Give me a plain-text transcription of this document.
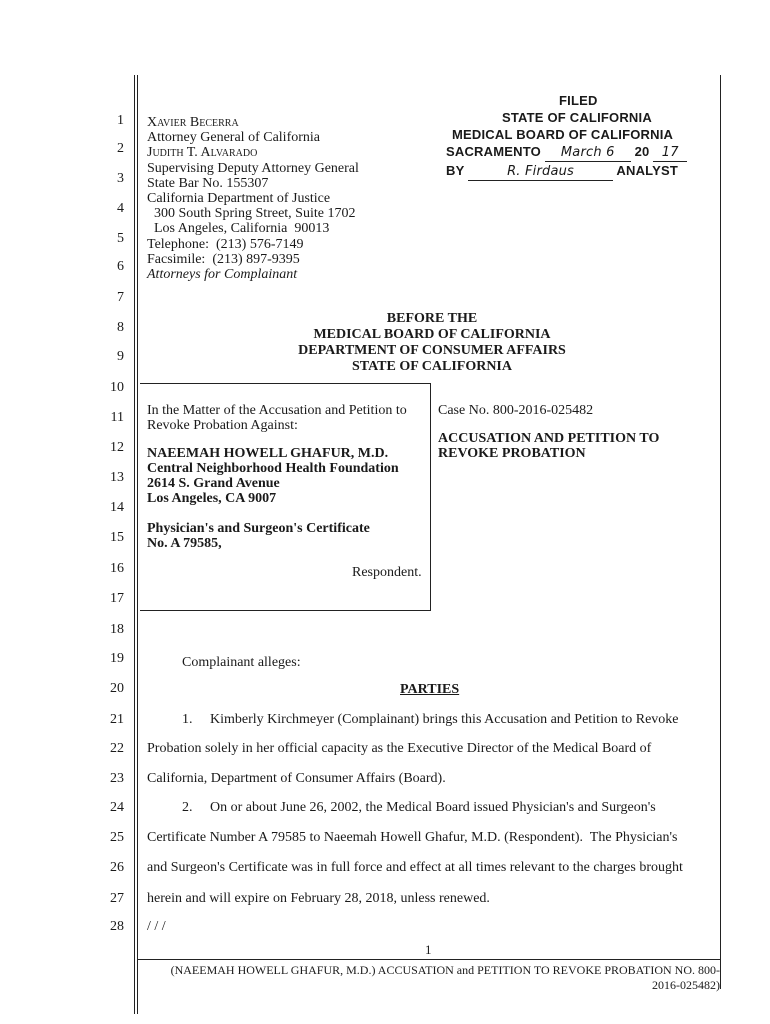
1
2
3
4
5
6
7
8
9
10
11
12
13
14
15
16
17
18
19
20
21
22
23
24
25
26
27
28
Xavier Becerra
Attorney General of California
Judith T. Alvarado
Supervising Deputy Attorney General
State Bar No. 155307
California Department of Justice
300 South Spring Street, Suite 1702
Los Angeles, California  90013
Telephone:  (213) 576-7149
Facsimile:  (213) 897-9395
Attorneys for Complainant
FILED
STATE OF CALIFORNIA
MEDICAL BOARD OF CALIFORNIA
SACRAMENTO March 6 20 17
BY	R. Firdaus	ANALYST
BEFORE THE
MEDICAL BOARD OF CALIFORNIA
DEPARTMENT OF CONSUMER AFFAIRS
STATE OF CALIFORNIA
In the Matter of the Accusation and Petition to
Revoke Probation Against:
NAEEMAH HOWELL GHAFUR, M.D.
Central Neighborhood Health Foundation
2614 S. Grand Avenue
Los Angeles, CA 9007
Physician's and Surgeon's Certificate
No. A 79585,
Respondent.
Case No. 800-2016-025482
ACCUSATION AND PETITION TO
REVOKE PROBATION
Complainant alleges:
PARTIES
1.     Kimberly Kirchmeyer (Complainant) brings this Accusation and Petition to Revoke
Probation solely in her official capacity as the Executive Director of the Medical Board of
California, Department of Consumer Affairs (Board).
2.     On or about June 26, 2002, the Medical Board issued Physician's and Surgeon's
Certificate Number A 79585 to Naeemah Howell Ghafur, M.D. (Respondent).  The Physician's
and Surgeon's Certificate was in full force and effect at all times relevant to the charges brought
herein and will expire on February 28, 2018, unless renewed.
/ / /
1
(NAEEMAH HOWELL GHAFUR, M.D.) ACCUSATION and PETITION TO REVOKE PROBATION NO. 800-
2016-025482)
